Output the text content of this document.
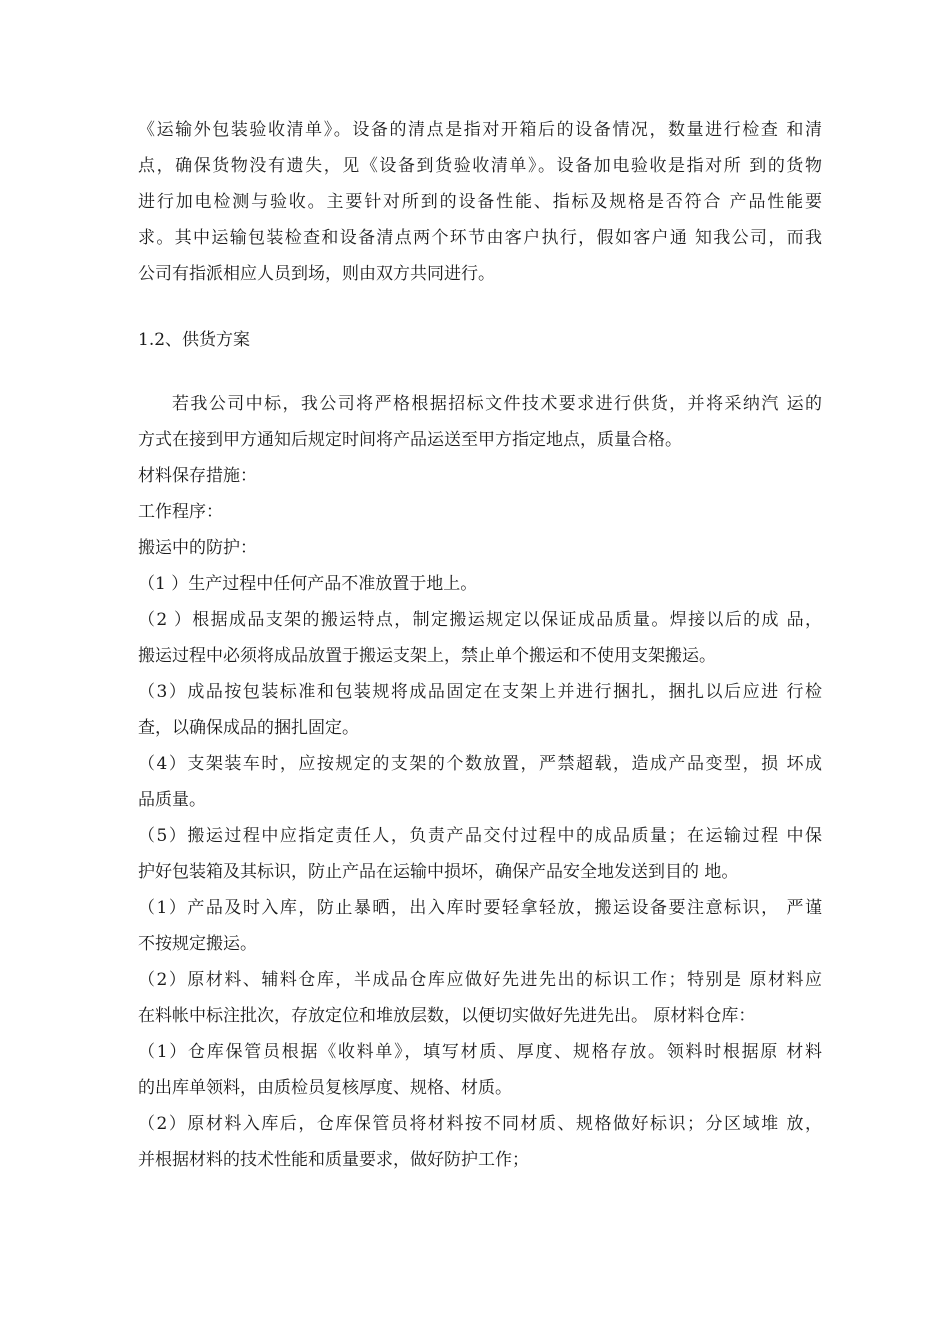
《运输外包装验收清单》。设备的清点是指对开箱后的设备情况，数量进行检查 和清
点，确保货物没有遗失，见《设备到货验收清单》。设备加电验收是指对所 到的货物
进行加电检测与验收。主要针对所到的设备性能、指标及规格是否符合 产品性能要
求。其中运输包装检查和设备清点两个环节由客户执行，假如客户通 知我公司，而我
公司有指派相应人员到场，则由双方共同进行。
1.2、供货方案
若我公司中标，我公司将严格根据招标文件技术要求进行供货，并将采纳汽 运的
方式在接到甲方通知后规定时间将产品运送至甲方指定地点，质量合格。
材料保存措施：
工作程序：
搬运中的防护：
（1 ）生产过程中任何产品不准放置于地上。
（2 ）根据成品支架的搬运特点，制定搬运规定以保证成品质量。焊接以后的成 品，
搬运过程中必须将成品放置于搬运支架上，禁止单个搬运和不使用支架搬运。
（3）成品按包装标准和包装规将成品固定在支架上并进行捆扎，捆扎以后应进 行检
查，以确保成品的捆扎固定。
（4）支架装车时，应按规定的支架的个数放置，严禁超载，造成产品变型，损 坏成
品质量。
（5）搬运过程中应指定责任人，负责产品交付过程中的成品质量；在运输过程 中保
护好包装箱及其标识，防止产品在运输中损坏，确保产品安全地发送到目的 地。
（1）产品及时入库，防止暴晒，出入库时要轻拿轻放，搬运设备要注意标识， 严谨
不按规定搬运。
（2）原材料、辅料仓库，半成品仓库应做好先进先出的标识工作；特别是 原材料应
在料帐中标注批次，存放定位和堆放层数，以便切实做好先进先出。 原材料仓库：
（1）仓库保管员根据《收料单》，填写材质、厚度、规格存放。领料时根据原 材料
的出库单领料，由质检员复核厚度、规格、材质。
（2）原材料入库后，仓库保管员将材料按不同材质、规格做好标识；分区域堆 放，
并根据材料的技术性能和质量要求，做好防护工作；
